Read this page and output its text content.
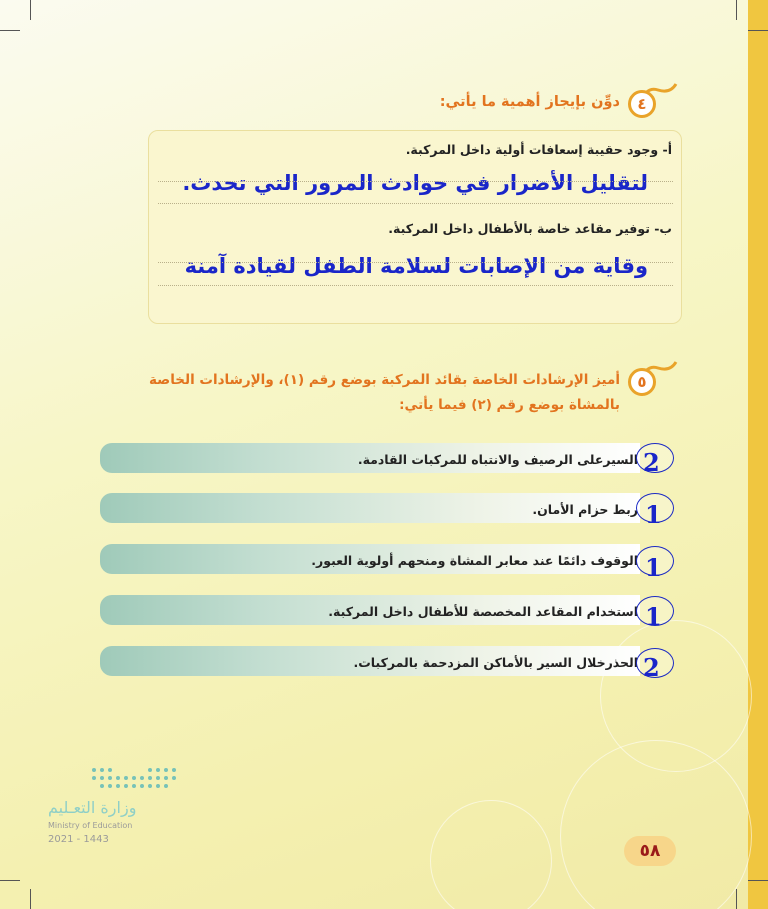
٤
دوِّن بإيجاز أهمية ما يأتي:
أ- وجود حقيبة إسعافات أولية داخل المركبة.
لتقليل الأضرار في حوادث المرور التي تحدث.
ب- توفير مقاعد خاصة بالأطفال داخل المركبة.
وقاية من الإصابات لسلامة الطفل لقيادة آمنة
٥
أميز الإرشادات الخاصة بقائد المركبة بوضع رقم (١)، والإرشادات الخاصة
بالمشاة بوضع رقم (٢) فيما يأتي:
السيرعلى الرصيف والانتباه للمركبات القادمة. 2
ربط حزام الأمان. 1
الوقوف دائمًا عند معابر المشاة ومنحهم أولوية العبور. 1
استخدام المقاعد المخصصة للأطفال داخل المركبة. 1
الحذرخلال السير بالأماكن المزدحمة بالمركبات. 2
وزارة التعـليم
Ministry of Education
2021 - 1443
٥٨
